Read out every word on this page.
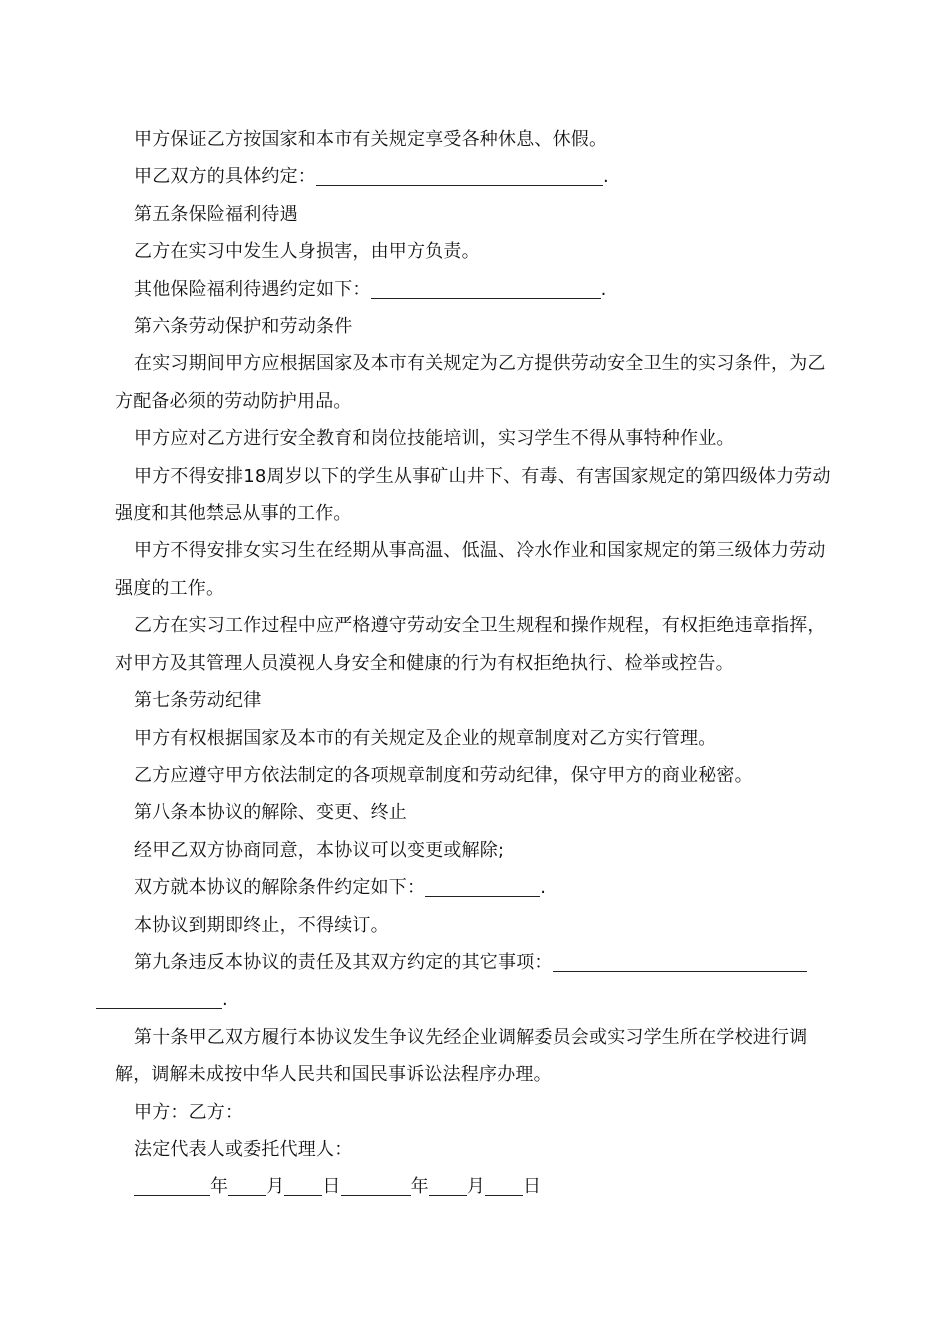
甲方保证乙方按国家和本市有关规定享受各种休息、休假。

甲乙双方的具体约定：	.

第五条保险福利待遇

乙方在实习中发生人身损害，由甲方负责。

其他保险福利待遇约定如下：	.

第六条劳动保护和劳动条件

在实习期间甲方应根据国家及本市有关规定为乙方提供劳动安全卫生的实习条件，为乙方配备必须的劳动防护用品。

甲方应对乙方进行安全教育和岗位技能培训，实习学生不得从事特种作业。

甲方不得安排18周岁以下的学生从事矿山井下、有毒、有害国家规定的第四级体力劳动强度和其他禁忌从事的工作。

甲方不得安排女实习生在经期从事高温、低温、冷水作业和国家规定的第三级体力劳动强度的工作。

乙方在实习工作过程中应严格遵守劳动安全卫生规程和操作规程，有权拒绝违章指挥，对甲方及其管理人员漠视人身安全和健康的行为有权拒绝执行、检举或控告。

第七条劳动纪律

甲方有权根据国家及本市的有关规定及企业的规章制度对乙方实行管理。

乙方应遵守甲方依法制定的各项规章制度和劳动纪律，保守甲方的商业秘密。

第八条本协议的解除、变更、终止

经甲乙双方协商同意，本协议可以变更或解除;

双方就本协议的解除条件约定如下：	.

本协议到期即终止，不得续订。

第九条违反本协议的责任及其双方约定的其它事项：.

第十条甲乙双方履行本协议发生争议先经企业调解委员会或实习学生所在学校进行调解，调解未成按中华人民共和国民事诉讼法程序办理。

甲方：乙方：

法定代表人或委托代理人：

年 月 日	年 月 日
